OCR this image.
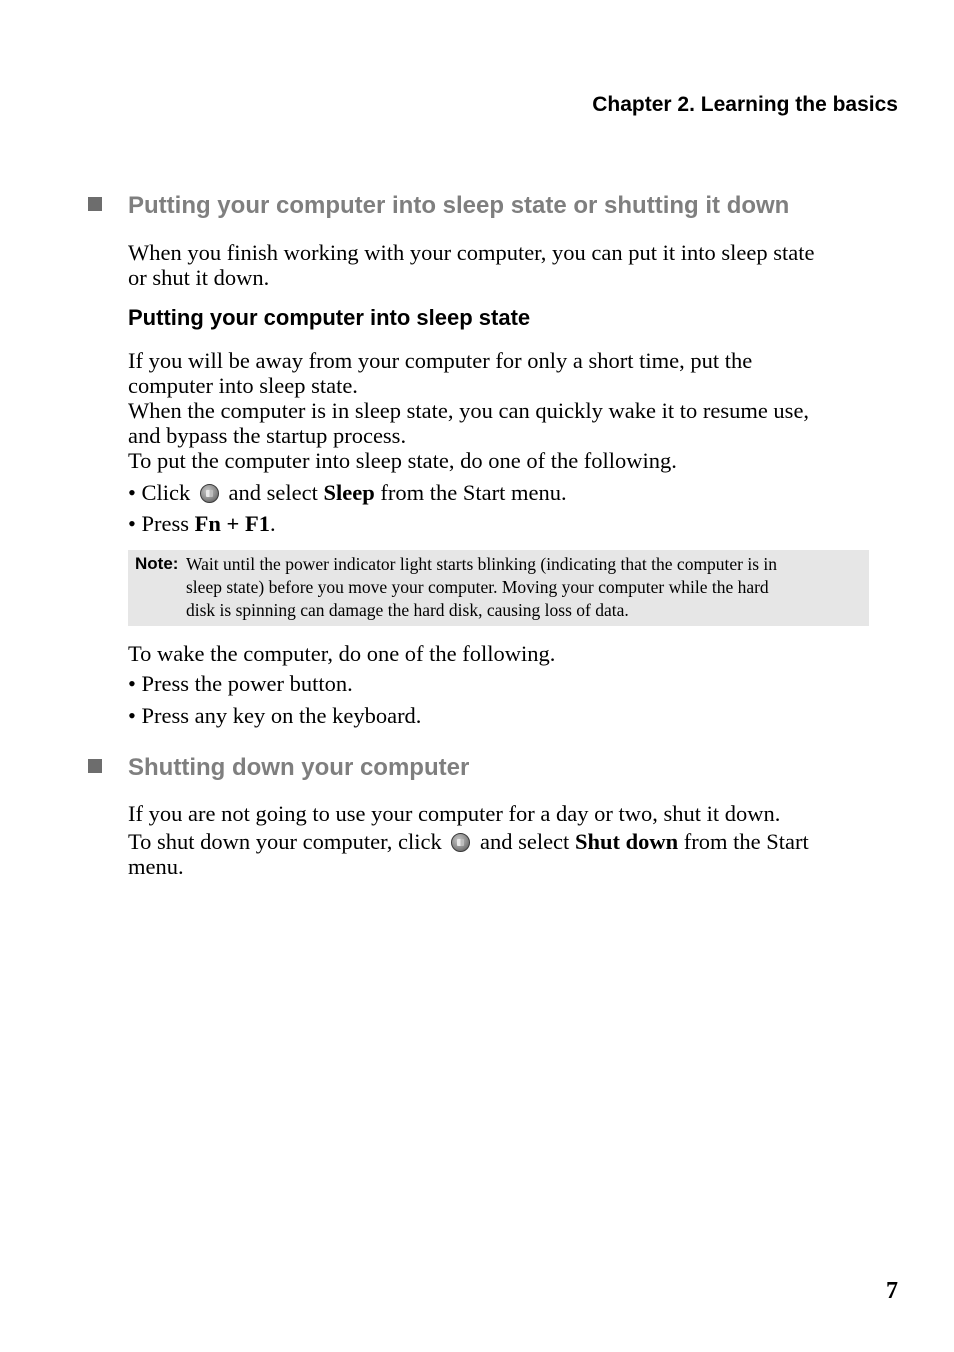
Chapter 2. Learning the basics
Putting your computer into sleep state or shutting it down
When you finish working with your computer, you can put it into sleep state
or shut it down.
Putting your computer into sleep state
If you will be away from your computer for only a short time, put the
computer into sleep state.
When the computer is in sleep state, you can quickly wake it to resume use,
and bypass the startup process.
To put the computer into sleep state, do one of the following.
• Click  and select Sleep from the Start menu.
• Press Fn + F1.
Note: Wait until the power indicator light starts blinking (indicating that the computer is in
sleep state) before you move your computer. Moving your computer while the hard
disk is spinning can damage the hard disk, causing loss of data.
To wake the computer, do one of the following.
• Press the power button.
• Press any key on the keyboard.
Shutting down your computer
If you are not going to use your computer for a day or two, shut it down.
To shut down your computer, click  and select Shut down from the Start
menu.
7
